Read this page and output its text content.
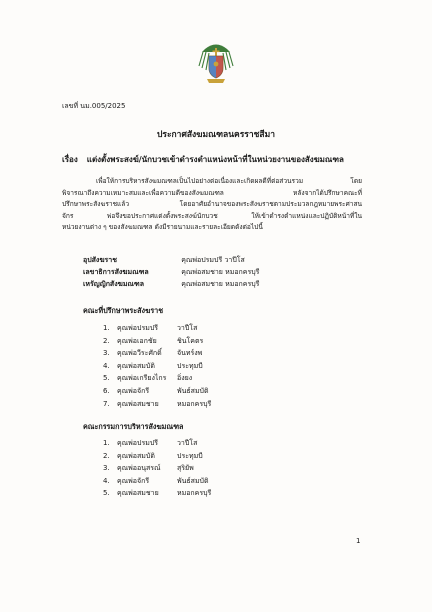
เลขที่ นม.005/2025
ประกาศสังฆมณฑลนครราชสีมา
เรื่อง แต่งตั้งพระสงฆ์/นักบวชเข้าดำรงตำแหน่งหน้าที่ในหน่วยงานของสังฆมณฑล
เพื่อให้การบริหารสังฆมณฑลเป็นไปอย่างต่อเนื่องและเกิดผลดีที่ต่อส่วนรวม โดย
พิจารณาถึงความเหมาะสมและเพื่อความดีของสังฆมณฑล หลังจากได้ปรึกษาคณะที่
ปรึกษาพระสังฆราชแล้ว โดยอาศัยอำนาจของพระสังฆราชตามประมวลกฎหมายพระศาสน
จักร พ่อจึงขอประกาศแต่งตั้งพระสงฆ์นักบวช ให้เข้าดำรงตำแหน่งและปฏิบัติหน้าที่ใน
หน่วยงานต่าง ๆ ของสังฆมณฑล ดังมีรายนามและรายละเอียดดังต่อไปนี้
อุปสังฆราช	คุณพ่อปรมปรี วาปีโส
เลขาธิการสังฆมณฑล	คุณพ่อสมชาย หมอกครบุรี
เหรัญญิกสังฆมณฑล	คุณพ่อสมชาย หมอกครบุรี
คณะที่ปรึกษาพระสังฆราช
1. คุณพ่อปรมปรี	วาปีโส
2. คุณพ่อเอกชัย	ชินโคตร
3. คุณพ่อวีระศักดิ์ จันทร์งพ
4. คุณพ่อสมบัติ	ประทุมบี
5. คุณพ่อเกรียงไกร อิ่งยง
6. คุณพ่อจักรี	พันธ์สมบัติ
7. คุณพ่อสมชาย	หมอกครบุรี
คณะกรรมการบริหารสังฆมณฑล
1. คุณพ่อปรมปรี	วาปีโส
2. คุณพ่อสมบัติ	ประทุมบี
3. คุณพ่ออนุสรณ์ สุริยัพ
4. คุณพ่อจักรี	พันธ์สมบัติ
5. คุณพ่อสมชาย	หมอกครบุรี
1
